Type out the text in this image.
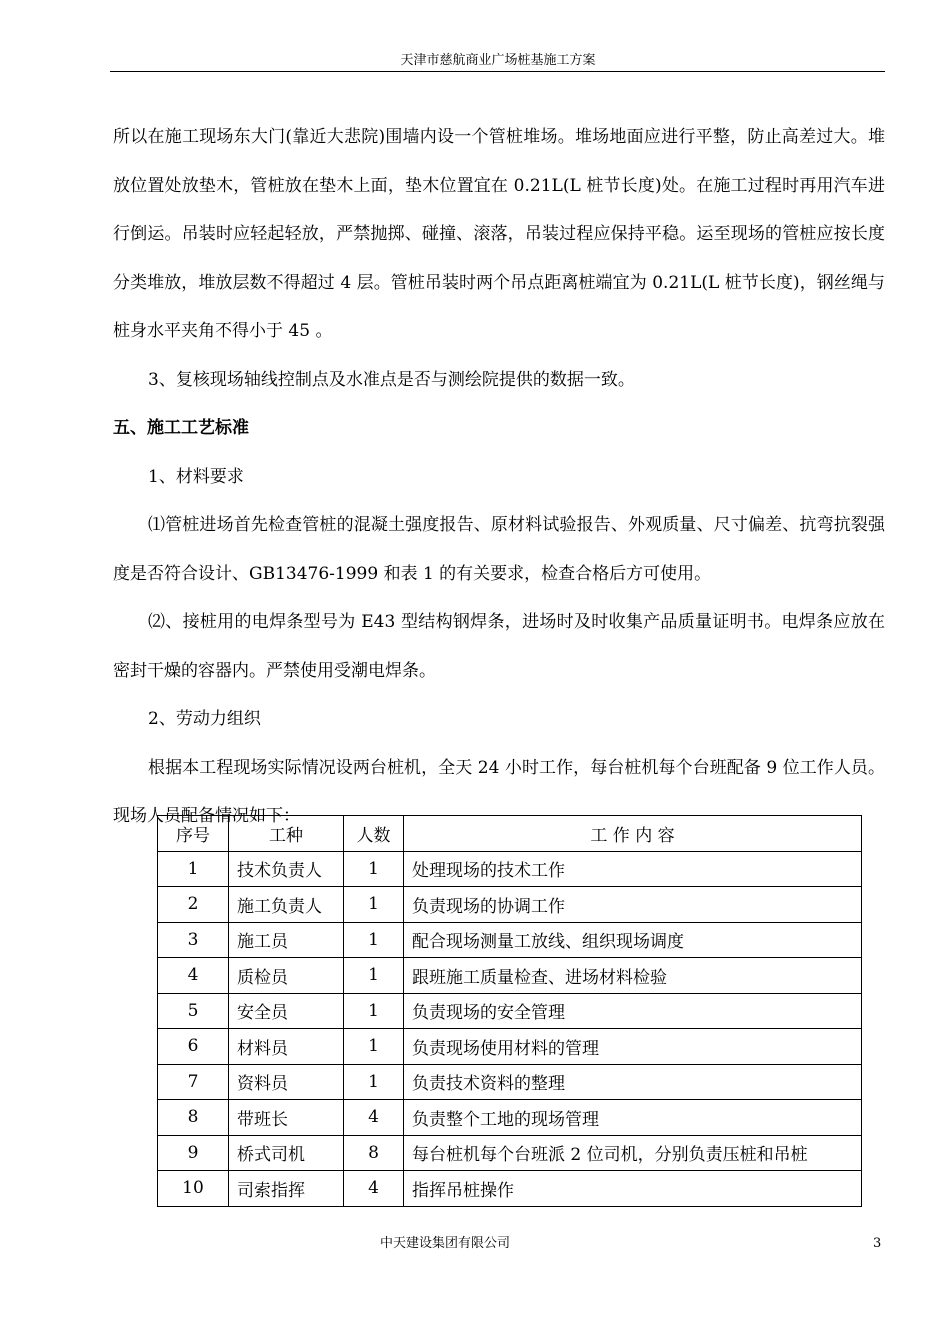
天津市慈航商业广场桩基施工方案

所以在施工现场东大门(靠近大悲院)围墙内设一个管桩堆场。堆场地面应进行平整，防止高差过大。堆放位置处放垫木，管桩放在垫木上面，垫木位置宜在 0.21L(L 桩节长度)处。在施工过程时再用汽车进行倒运。吊装时应轻起轻放，严禁抛掷、碰撞、滚落，吊装过程应保持平稳。运至现场的管桩应按长度分类堆放，堆放层数不得超过 4 层。管桩吊装时两个吊点距离桩端宜为 0.21L(L 桩节长度)，钢丝绳与桩身水平夹角不得小于 45 。

3、复核现场轴线控制点及水准点是否与测绘院提供的数据一致。

五、施工工艺标准

1、材料要求

⑴管桩进场首先检查管桩的混凝土强度报告、原材料试验报告、外观质量、尺寸偏差、抗弯抗裂强度是否符合设计、GB13476-1999 和表 1 的有关要求，检查合格后方可使用。

⑵、接桩用的电焊条型号为 E43 型结构钢焊条，进场时及时收集产品质量证明书。电焊条应放在密封干燥的容器内。严禁使用受潮电焊条。

2、劳动力组织

根据本工程现场实际情况设两台桩机，全天 24 小时工作，每台桩机每个台班配备 9 位工作人员。现场人员配备情况如下：

序号	工种	人数	工 作 内 容
1	技术负责人	1	处理现场的技术工作
2	施工负责人	1	负责现场的协调工作
3	施工员	1	配合现场测量工放线、组织现场调度
4	质检员	1	跟班施工质量检查、进场材料检验
5	安全员	1	负责现场的安全管理
6	材料员	1	负责现场使用材料的管理
7	资料员	1	负责技术资料的整理
8	带班长	4	负责整个工地的现场管理
9	桥式司机	8	每台桩机每个台班派 2 位司机，分别负责压桩和吊桩
10	司索指挥	4	指挥吊桩操作
中天建设集团有限公司	3
